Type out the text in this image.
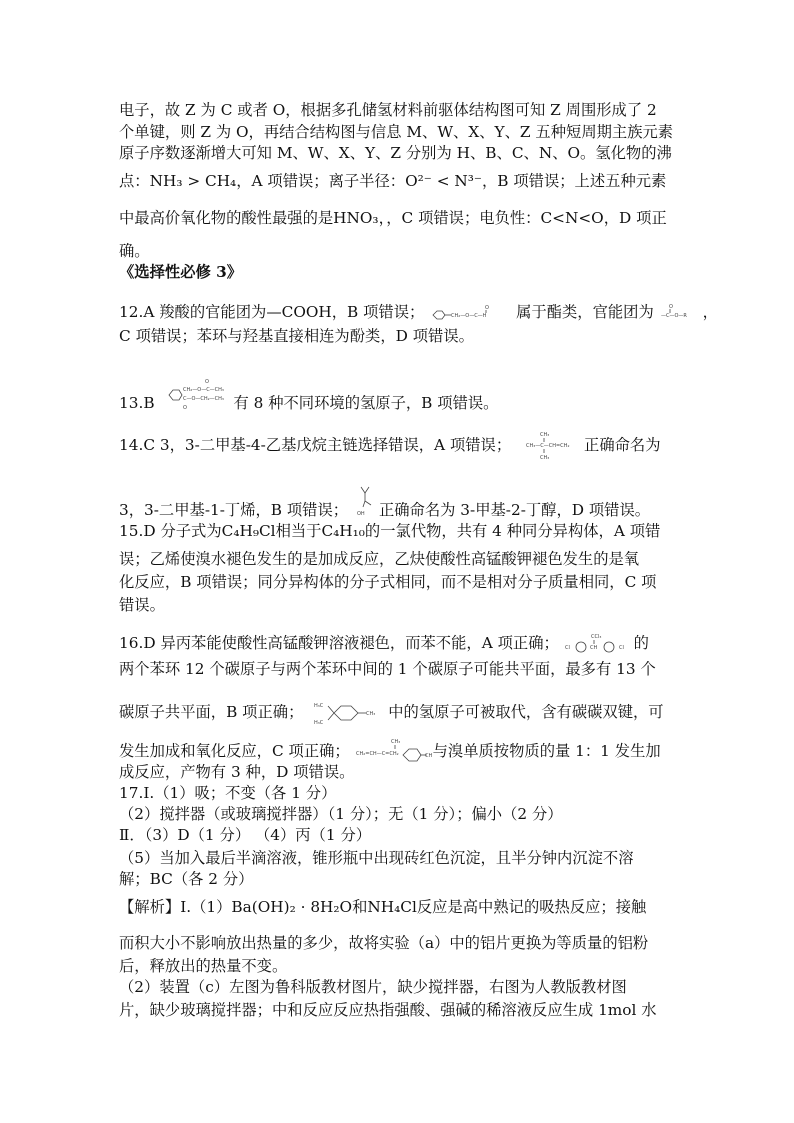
电子，故 Z 为 C 或者 O，根据多孔储氢材料前驱体结构图可知 Z 周围形成了 2
个单键，则 Z 为 O，再结合结构图与信息 M、W、X、Y、Z 五种短周期主族元素
原子序数逐渐增大可知 M、W、X、Y、Z 分别为 H、B、C、N、O。氢化物的沸
点：NH₃ > CH₄，A 项错误；离子半径：O²⁻ < N³⁻，B 项错误；上述五种元素
中最高价氧化物的酸性最强的是HNO₃，，C 项错误；电负性：C<N<O，D 项正
确。
《选择性必修 3》
12.A 羧酸的官能团为—COOH，B 项错误；	CH₂—O—C—H
O 属于酯类，官能团为 —C—O—R
O ，
C 项错误；苯环与羟基直接相连为酚类，D 项错误。
13.B
CH₂—O—C—CH₃
C—O—CH₂—CH₃
O
O	有 8 种不同环境的氢原子，B 项错误。
14.C 3，3-二甲基-4-乙基戊烷主链选择错误，A 项错误；
CH₃
CH₃—C—CH=CH₂
CH₃
正确命名为
3，3-二甲基-1-丁烯，B 项错误； OH 正确命名为 3-甲基-2-丁醇，D 项错误。
15.D 分子式为C₄H₉Cl相当于C₄H₁₀的一氯代物，共有 4 种同分异构体，A 项错
误；乙烯使溴水褪色发生的是加成反应，乙炔使酸性高锰酸钾褪色发生的是氧
化反应，B 项错误；同分异构体的分子式相同，而不是相对分子质量相同，C 项
错误。
16.D 异丙苯能使酸性高锰酸钾溶液褪色，而苯不能，A 项正确； Cl	CH
CCl₃
Cl 的
两个苯环 12 个碳原子与两个苯环中间的 1 个碳原子可能共平面，最多有 13 个
碳原子共平面，B 项正确； H₃C
H₃C
CH₃ 中的氢原子可被取代，含有碳碳双键，可
发生加成和氧化反应，C 项正确；	CH₃
CH₂=CH—C=CH₂	CH 与溴单质按物质的量 1：1 发生加
成反应，产物有 3 种，D 项错误。
17.Ⅰ.（1）吸；不变（各 1 分）
（2）搅拌器（或玻璃搅拌器）（1 分）；无（1 分）；偏小（2 分）
Ⅱ．（3）D（1 分） （4）丙（1 分）
（5）当加入最后半滴溶液，锥形瓶中出现砖红色沉淀，且半分钟内沉淀不溶
解；BC（各 2 分）
【解析】Ⅰ.（1）Ba(OH)₂ · 8H₂O和NH₄Cl反应是高中熟记的吸热反应；接触
而积大小不影响放出热量的多少，故将实验（a）中的铝片更换为等质量的铝粉
后，释放出的热量不变。
（2）装置（c）左图为鲁科版教材图片，缺少搅拌器，右图为人教版教材图
片，缺少玻璃搅拌器；中和反应反应热指强酸、强碱的稀溶液反应生成 1mol 水
